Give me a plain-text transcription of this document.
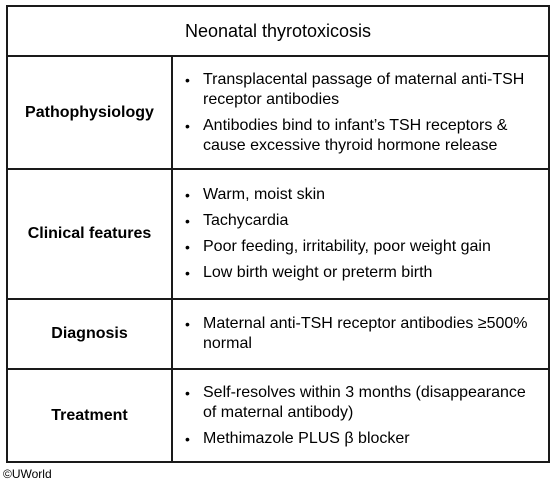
Neonatal thyrotoxicosis
Pathophysiology
• Transplacental passage of maternal anti-TSH receptor antibodies
• Antibodies bind to infant’s TSH receptors & cause excessive thyroid hormone release
Clinical features
• Warm, moist skin
• Tachycardia
• Poor feeding, irritability, poor weight gain
• Low birth weight or preterm birth
Diagnosis
• Maternal anti-TSH receptor antibodies ≥500% normal
Treatment
• Self-resolves within 3 months (disappearance of maternal antibody)
• Methimazole PLUS β blocker
©UWorld
